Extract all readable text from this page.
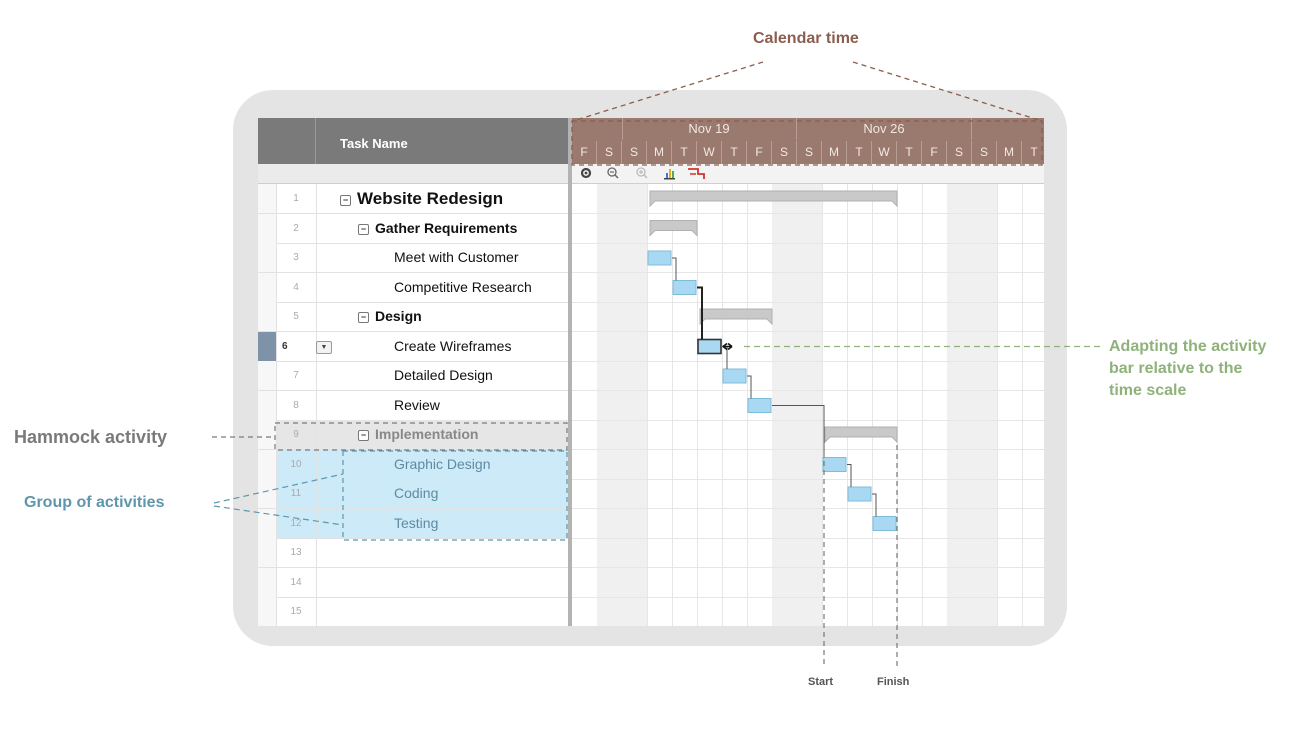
Task Name
1	− Website Redesign
2	− Gather Requirements
3	Meet with Customer
4	Competitive Research
5	− Design
6	▼	Create Wireframes
7	Detailed Design
8	Review
9	− Implementation
10	Graphic Design
11	Coding
12	Testing
13
14
15
Nov 19	Nov 26
F	S	S	M	T	W	T	F	S	S	M	T	W	T	F	S	S	M	T
Calendar time
Adapting the activity
bar relative to the
time scale
Hammock activity
Group of activities
Start	Finish
